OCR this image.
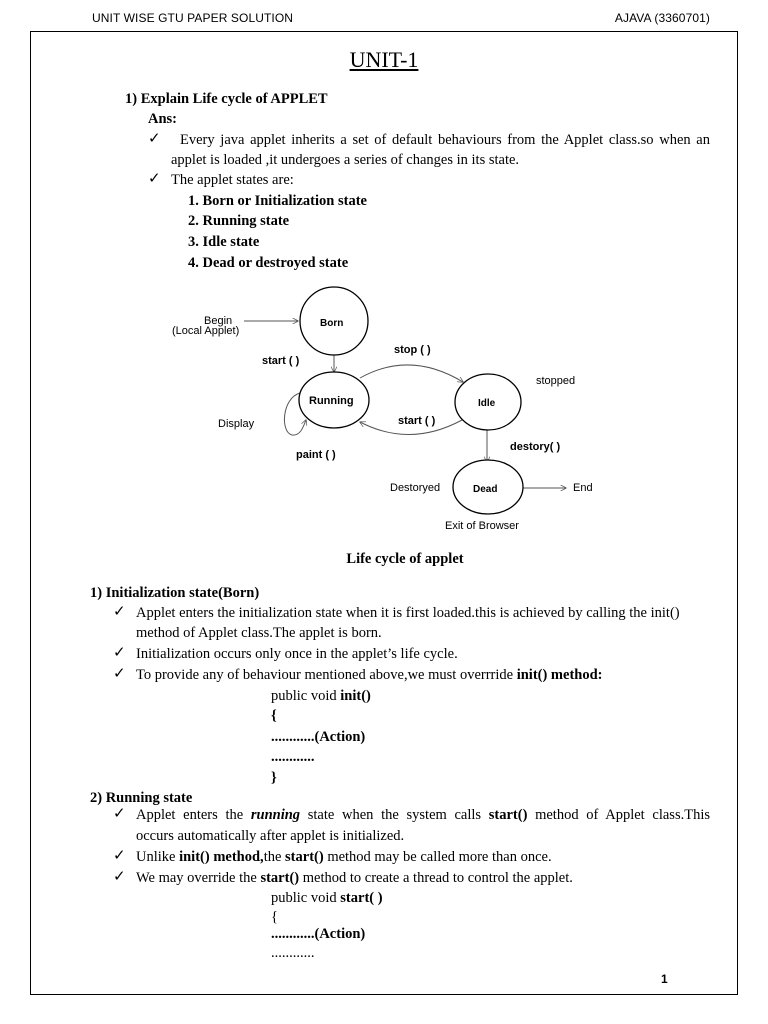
UNIT WISE GTU PAPER SOLUTION	AJAVA (3360701)
UNIT-1
1) Explain Life cycle of APPLET
Ans:
✓ Every java applet inherits a set of default behaviours from the Applet class.so when an
applet is loaded ,it undergoes a series of changes in its state.
✓ The applet states are:
1. Born or Initialization state
2. Running state
3. Idle state
4. Dead or destroyed state
Begin
(Local Applet)
Born
start ( )
stop ( )
stopped
Running	Idle
start ( )
Display
paint ( )
destory( )
Destoryed	Dead	End
Exit of Browser
Life cycle of applet
1) Initialization state(Born)
✓ Applet enters the initialization state when it is first loaded.this is achieved by calling the init()
method of Applet class.The applet is born.
✓ Initialization occurs only once in the applet’s life cycle.
✓ To provide any of behaviour mentioned above,we must overrride init() method:
public void init()
{
............(Action)
............
}
2) Running state
✓ Applet enters the running state when the system calls start() method of Applet class.This
occurs automatically after applet is initialized.
✓ Unlike init() method,the start() method may be called more than once.
✓ We may override the start() method to create a thread to control the applet.
public void start( )
{
............(Action)
............
1
